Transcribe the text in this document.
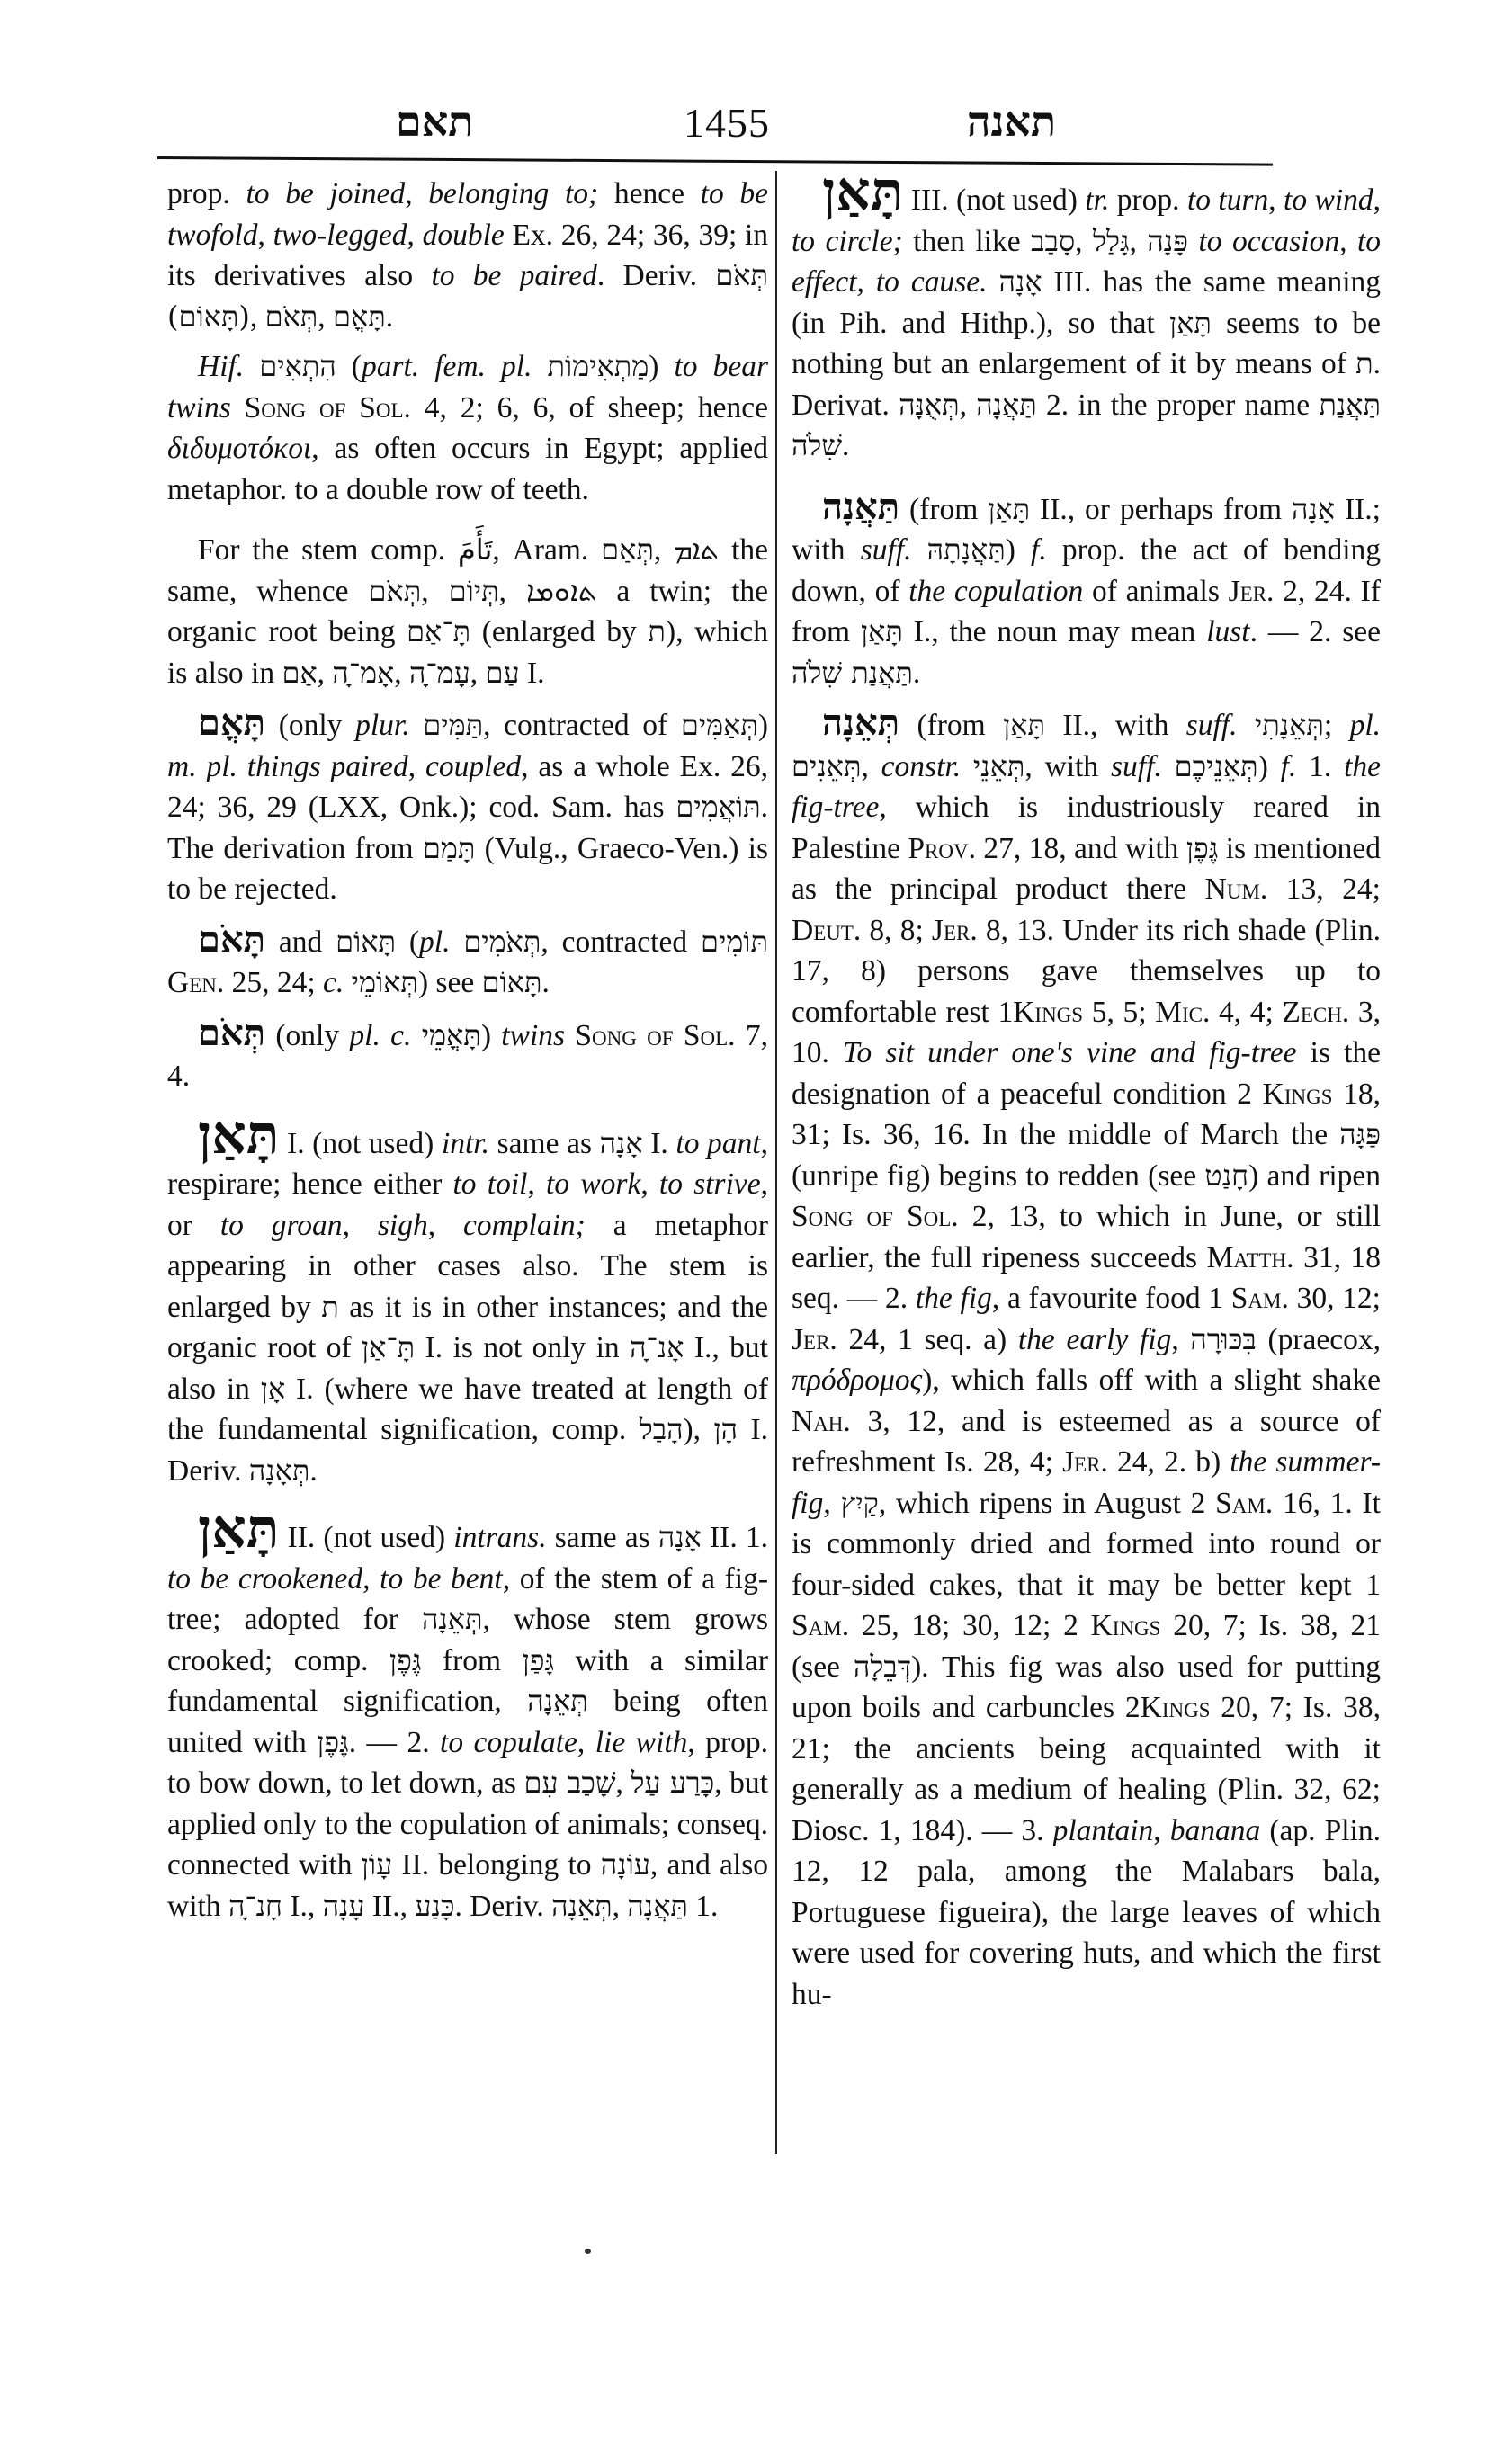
תאם	1455	תאנה

prop. to be joined, belonging to; hence to be twofold, two-legged, double Ex. 26, 24; 36, 39; in its derivatives also to be paired. Deriv. תְּאֹם (תָּאוֹם), תְּאֹם, תָּאֳם.

Hif. הִתְאִים (part. fem. pl. מַתְאִימוֹת) to bear twins Song of Sol. 4, 2; 6, 6, of sheep; hence διδυμοτόκοι, as often occurs in Egypt; applied metaphor. to a double row of teeth.

For the stem comp. تَأَمَ, Aram. תְּאַם, ܬܐܡ the same, whence תְּאֹם, תְּיוֹם, ܬܐܘܡܐ a twin; the organic root being תָּ־אַם (enlarged by ת), which is also in אַם, אָמ־ָה, עָמ־ָה, עַם I.

תָּאֳם (only plur. תַּמִּים, contracted of תְּאַמִּים) m. pl. things paired, coupled, as a whole Ex. 26, 24; 36, 29 (LXX, Onk.); cod. Sam. has תּוֹאֲמִים. The derivation from תָּמַם (Vulg., Graeco-Ven.) is to be rejected.

תָּאֹם and תָּאוֹם (pl. תְּאֹמִים, contracted תּוֹמִים Gen. 25, 24; c. תְּאוֹמֵי) see תָּאוֹם.

תְּאֹם (only pl. c. תָּאֳמֵי) twins Song of Sol. 7, 4.

תָּאַן I. (not used) intr. same as אָנָה I. to pant, respirare; hence either to toil, to work, to strive, or to groan, sigh, complain; a metaphor appearing in other cases also. The stem is enlarged by ת as it is in other instances; and the organic root of תָּ־אַן I. is not only in אָנ־ָה I., but also in אָן I. (where we have treated at length of the fundamental signification, comp. הָבַל), הָן I. Deriv. תְּאָנָה.

תָּאַן II. (not used) intrans. same as אָנָה II. 1. to be crookened, to be bent, of the stem of a fig-tree; adopted for תְּאֵנָה, whose stem grows crooked; comp. גֶּפֶן from גָּפַן with a similar fundamental signification, תְּאֵנָה being often united with גֶּפֶן. — 2. to copulate, lie with, prop. to bow down, to let down, as שָׁכַב עִם, כָּרַע עַל, but applied only to the copulation of animals; conseq. connected with עָוֹן II. belonging to עוֹנָה, and also with חָנ־ָה I., עָנָה II., כָּנַע. Deriv. תְּאֵנָה, תַּאֲנָה 1.

תָּאַן III. (not used) tr. prop. to turn, to wind, to circle; then like סָבַב, גָּלַל, פָּנָה to occasion, to effect, to cause. אָנָה III. has the same meaning (in Pih. and Hithp.), so that תָּאַן seems to be nothing but an enlargement of it by means of ת. Derivat. תְּאֻנָּה, תַּאֲנָה 2. in the proper name תַּאֲנַת שִׁלֹה.

תַּאֲנָה (from תָּאַן II., or perhaps from אָנָה II.; with suff. תַּאֲנָתָהּ) f. prop. the act of bending down, of the copulation of animals Jer. 2, 24. If from תָּאַן I., the noun may mean lust. — 2. see תַּאֲנַת שִׁלֹה.

תְּאֵנָה (from תָּאַן II., with suff. תְּאֵנָתִי; pl. תְּאֵנִים, constr. תְּאֵנֵי, with suff. תְּאֵנֵיכֶם) f. 1. the fig-tree, which is industriously reared in Palestine Prov. 27, 18, and with גֶּפֶן is mentioned as the principal product there Num. 13, 24; Deut. 8, 8; Jer. 8, 13. Under its rich shade (Plin. 17, 8) persons gave themselves up to comfortable rest 1Kings 5, 5; Mic. 4, 4; Zech. 3, 10. To sit under one's vine and fig-tree is the designation of a peaceful condition 2 Kings 18, 31; Is. 36, 16. In the middle of March the פַּגָּה (unripe fig) begins to redden (see חָנַט) and ripen Song of Sol. 2, 13, to which in June, or still earlier, the full ripeness succeeds Matth. 31, 18 seq. — 2. the fig, a favourite food 1 Sam. 30, 12; Jer. 24, 1 seq. a) the early fig, בִּכּוּרָה (praecox, πρόδρομος), which falls off with a slight shake Nah. 3, 12, and is esteemed as a source of refreshment Is. 28, 4; Jer. 24, 2. b) the summer-fig, קַיִץ, which ripens in August 2 Sam. 16, 1. It is commonly dried and formed into round or four-sided cakes, that it may be better kept 1 Sam. 25, 18; 30, 12; 2 Kings 20, 7; Is. 38, 21 (see דְּבֵלָה). This fig was also used for putting upon boils and carbuncles 2Kings 20, 7; Is. 38, 21; the ancients being acquainted with it generally as a medium of healing (Plin. 32, 62; Diosc. 1, 184). — 3. plantain, banana (ap. Plin. 12, 12 pala, among the Malabars bala, Portuguese figueira), the large leaves of which were used for covering huts, and which the first hu-
